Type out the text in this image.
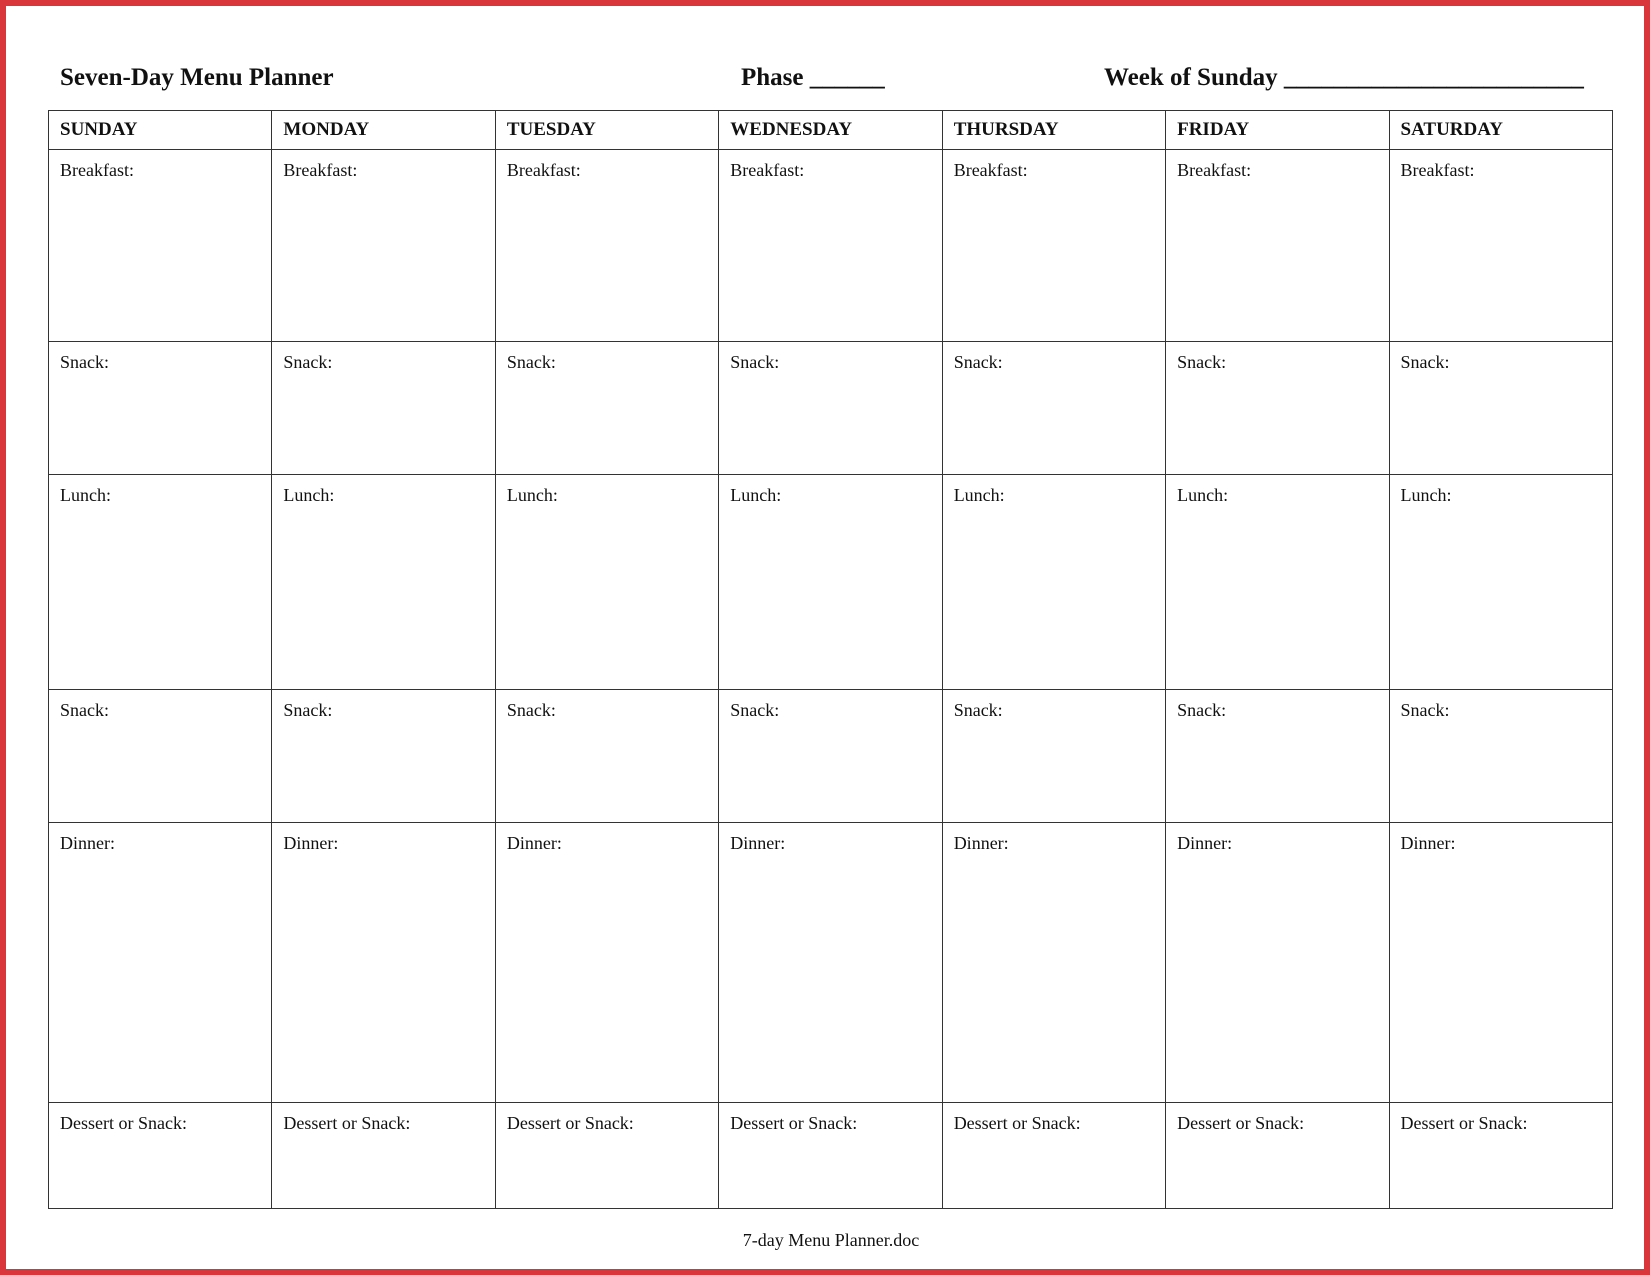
Seven-Day Menu Planner	Phase ______	Week of Sunday ________________________
SUNDAY	MONDAY	TUESDAY	WEDNESDAY	THURSDAY	FRIDAY	SATURDAY
Breakfast:	Breakfast:	Breakfast:	Breakfast:	Breakfast:	Breakfast:	Breakfast:
Snack:	Snack:	Snack:	Snack:	Snack:	Snack:	Snack:
Lunch:	Lunch:	Lunch:	Lunch:	Lunch:	Lunch:	Lunch:
Snack:	Snack:	Snack:	Snack:	Snack:	Snack:	Snack:
Dinner:	Dinner:	Dinner:	Dinner:	Dinner:	Dinner:	Dinner:
Dessert or Snack:	Dessert or Snack:	Dessert or Snack:	Dessert or Snack:	Dessert or Snack:	Dessert or Snack:	Dessert or Snack:
7-day Menu Planner.doc
